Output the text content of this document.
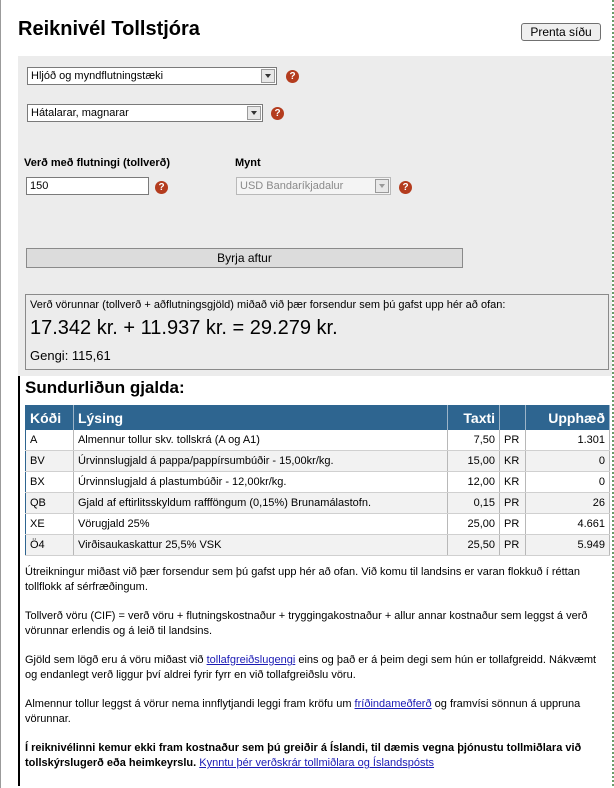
Reiknivél Tollstjóra	Prenta síðu
Hljóð og myndflutningstæki	?
Hátalarar, magnarar	?
Verð með flutningi (tollverð)	Mynt
150	?	USD Bandaríkjadalur	?
Byrja aftur
Verð vörunnar (tollverð + aðflutningsgjöld) miðað við þær forsendur sem þú gafst upp hér að ofan:
17.342 kr. + 11.937 kr. = 29.279 kr.
Gengi: 115,61
Sundurliðun gjalda:
Kóði	Lýsing	Taxti		Upphæð
A	Almennur tollur skv. tollskrá (A og A1)	7,50	PR	1.301
BV	Úrvinnslugjald á pappa/pappírsumbúðir - 15,00kr/kg.	15,00	KR	0
BX	Úrvinnslugjald á plastumbúðir - 12,00kr/kg.	12,00	KR	0
QB	Gjald af eftirlitsskyldum raffföngum (0,15%) Brunamálastofn.	0,15	PR	26
XE	Vörugjald 25%	25,00	PR	4.661
Ö4	Virðisaukaskattur 25,5% VSK	25,50	PR	5.949

Útreikningur miðast við þær forsendur sem þú gafst upp hér að ofan. Við komu til landsins er varan flokkuð í réttan tollflokk af sérfræðingum.

Tollverð vöru (CIF) = verð vöru + flutningskostnaður + tryggingakostnaður + allur annar kostnaður sem leggst á verð vörunnar erlendis og á leið til landsins.

Gjöld sem lögð eru á vöru miðast við tollafgreiðslugengi eins og það er á þeim degi sem hún er tollafgreidd. Nákvæmt og endanlegt verð liggur því aldrei fyrir fyrr en við tollafgreiðslu vöru.

Almennur tollur leggst á vörur nema innflytjandi leggi fram kröfu um fríðindameðferð og framvísi sönnun á uppruna vörunnar.

Í reiknivélinni kemur ekki fram kostnaður sem þú greiðir á Íslandi, til dæmis vegna þjónustu tollmiðlara við tollskýrslugerð eða heimkeyrslu. Kynntu þér verðskrár tollmiðlara og Íslandspósts
